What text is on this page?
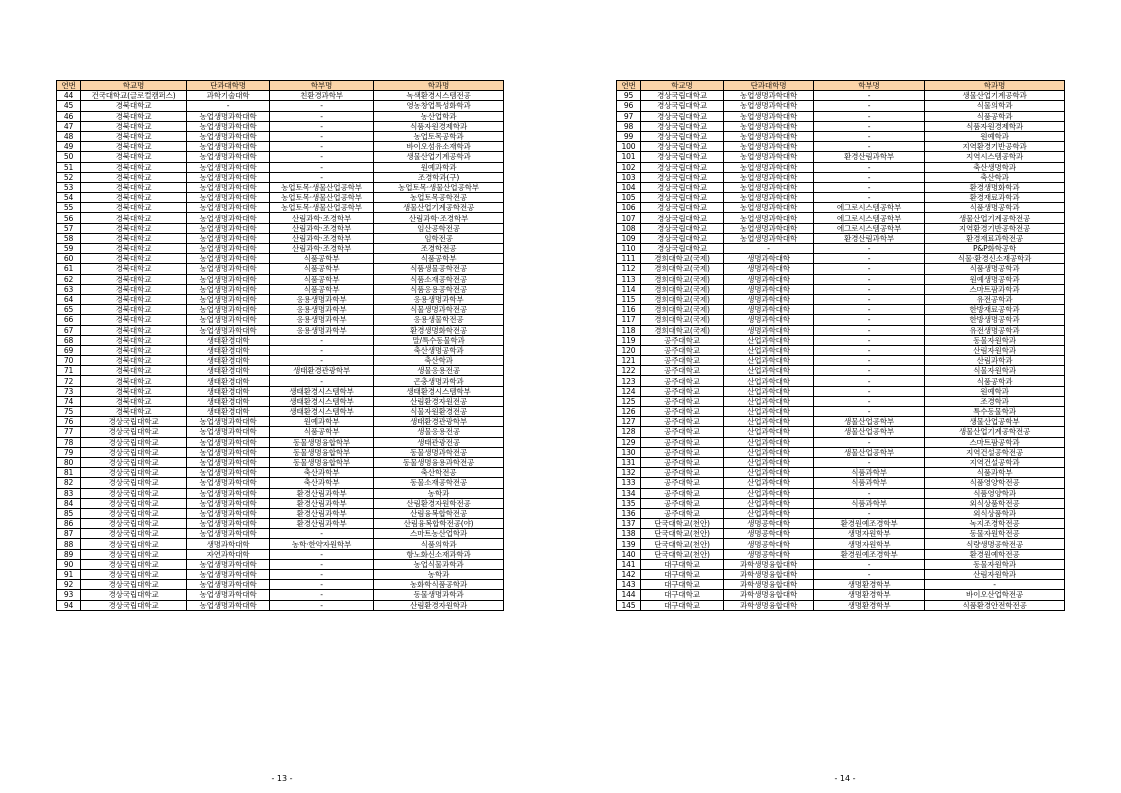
연번	학교명	단과대학명	학부명	학과명
44	건국대학교(글로컬캠퍼스)	과학기술대학	친환경과학부	녹색환경시스템전공
45	경북대학교	-	-	영농창업특성화학과
46	경북대학교	농업생명과학대학	-	농산업학과
47	경북대학교	농업생명과학대학	-	식품자원경제학과
48	경북대학교	농업생명과학대학	-	농업토목공학과
49	경북대학교	농업생명과학대학	-	바이오섬유소재학과
50	경북대학교	농업생명과학대학	-	생물산업기계공학과
51	경북대학교	농업생명과학대학	-	원예과학과
52	경북대학교	농업생명과학대학	-	조경학과(구)
53	경북대학교	농업생명과학대학	농업토목·생물산업공학부	농업토목·생물산업공학부
54	경북대학교	농업생명과학대학	농업토목·생물산업공학부	농업토목공학전공
55	경북대학교	농업생명과학대학	농업토목·생물산업공학부	생물산업기계공학전공
56	경북대학교	농업생명과학대학	산림과학·조경학부	산림과학·조경학부
57	경북대학교	농업생명과학대학	산림과학·조경학부	임산공학전공
58	경북대학교	농업생명과학대학	산림과학·조경학부	임학전공
59	경북대학교	농업생명과학대학	산림과학·조경학부	조경학전공
60	경북대학교	농업생명과학대학	식품공학부	식품공학부
61	경북대학교	농업생명과학대학	식품공학부	식품생물공학전공
62	경북대학교	농업생명과학대학	식품공학부	식품소재공학전공
63	경북대학교	농업생명과학대학	식품공학부	식품응용공학전공
64	경북대학교	농업생명과학대학	응용생명과학부	응용생명과학부
65	경북대학교	농업생명과학대학	응용생명과학부	식물생명과학전공
66	경북대학교	농업생명과학대학	응용생명과학부	응용생물학전공
67	경북대학교	농업생명과학대학	응용생명과학부	환경생명화학전공
68	경북대학교	생태환경대학	-	말/특수동물학과
69	경북대학교	생태환경대학	-	축산생명공학과
70	경북대학교	생태환경대학	-	축산학과
71	경북대학교	생태환경대학	생태환경관광학부	생물응용전공
72	경북대학교	생태환경대학	-	곤충생명과학과
73	경북대학교	생태환경대학	생태환경시스템학부	생태환경시스템학부
74	경북대학교	생태환경대학	생태환경시스템학부	산림환경자원전공
75	경북대학교	생태환경대학	생태환경시스템학부	식물자원환경전공
76	경상국립대학교	농업생명과학대학	원예과학부	생태환경관광학부
77	경상국립대학교	농업생명과학대학	식품공학부	생물응용전공
78	경상국립대학교	농업생명과학대학	동물생명융합학부	생태관광전공
79	경상국립대학교	농업생명과학대학	동물생명융합학부	동물생명과학전공
80	경상국립대학교	농업생명과학대학	동물생명융합학부	동물생명융용과학전공
81	경상국립대학교	농업생명과학대학	축산과학부	축산학전공
82	경상국립대학교	농업생명과학대학	축산과학부	동물소재공학전공
83	경상국립대학교	농업생명과학대학	환경산림과학부	농학과
84	경상국립대학교	농업생명과학대학	환경산림과학부	산림환경자원학전공
85	경상국립대학교	농업생명과학대학	환경산림과학부	산림융복합학전공
86	경상국립대학교	농업생명과학대학	환경산림과학부	산림융복합학전공(야)
87	경상국립대학교	농업생명과학대학	-	스마트농산업학과
88	경상국립대학교	생명과학대학	농학·한약자원학부	식품의학과
89	경상국립대학교	자연과학대학	-	항노화신소재과학과
90	경상국립대학교	농업생명과학대학	-	농업식물과학과
91	경상국립대학교	농업생명과학대학	-	농학과
92	경상국립대학교	농업생명과학대학	-	농화학식품공학과
93	경상국립대학교	농업생명과학대학	-	동물생명과학과
94	경상국립대학교	농업생명과학대학	-	산림환경자원학과
연번	학교명	단과대학명	학부명	학과명
95	경상국립대학교	농업생명과학대학	-	생물산업기계공학과
96	경상국립대학교	농업생명과학대학	-	식물의학과
97	경상국립대학교	농업생명과학대학	-	식품공학과
98	경상국립대학교	농업생명과학대학	-	식품자원경제학과
99	경상국립대학교	농업생명과학대학	-	원예학과
100	경상국립대학교	농업생명과학대학	-	지역환경기반공학과
101	경상국립대학교	농업생명과학대학	환경산림과학부	지역시스템공학과
102	경상국립대학교	농업생명과학대학	-	축산생명학과
103	경상국립대학교	농업생명과학대학	-	축산학과
104	경상국립대학교	농업생명과학대학	-	환경생명화학과
105	경상국립대학교	농업생명과학대학	-	환경재료과학과
106	경상국립대학교	농업생명과학대학	에그로시스템공학부	식품생명공학과
107	경상국립대학교	농업생명과학대학	에그로시스템공학부	생물산업기계공학전공
108	경상국립대학교	농업생명과학대학	에그로시스템공학부	지역환경기반공학전공
109	경상국립대학교	농업생명과학대학	환경산림과학부	환경재료과학전공
110	경상국립대학교	-	-	P&P화학공학
111	경희대학교(국제)	생명과학대학	-	식물·환경신소재공학과
112	경희대학교(국제)	생명과학대학	-	식품생명공학과
113	경희대학교(국제)	생명과학대학	-	원예생명공학과
114	경희대학교(국제)	생명과학대학	-	스마트팜과학과
115	경희대학교(국제)	생명과학대학	-	유전공학과
116	경희대학교(국제)	생명과학대학	-	한방재료공학과
117	경희대학교(국제)	생명과학대학	-	한방생명공학과
118	경희대학교(국제)	생명과학대학	-	유전생명공학과
119	공주대학교	산업과학대학	-	동물자원학과
120	공주대학교	산업과학대학	-	산림자원학과
121	공주대학교	산업과학대학	-	산림과학과
122	공주대학교	산업과학대학	-	식물자원학과
123	공주대학교	산업과학대학	-	식품공학과
124	공주대학교	산업과학대학	-	원예학과
125	공주대학교	산업과학대학	-	조경학과
126	공주대학교	산업과학대학	-	특수동물학과
127	공주대학교	산업과학대학	생물산업공학부	생물산업공학부
128	공주대학교	산업과학대학	생물산업공학부	생물산업기계공학전공
129	공주대학교	산업과학대학	-	스마트팜공학과
130	공주대학교	산업과학대학	생물산업공학부	지역건설공학전공
131	공주대학교	산업과학대학	-	지역건설공학과
132	공주대학교	산업과학대학	식품과학부	식품과학부
133	공주대학교	산업과학대학	식품과학부	식품영양학전공
134	공주대학교	산업과학대학	-	식품영양학과
135	공주대학교	산업과학대학	식품과학부	외식상품학전공
136	공주대학교	산업과학대학	-	외식상품학과
137	단국대학교(천안)	생명공학대학	환경원예조경학부	녹지조경학전공
138	단국대학교(천안)	생명공학대학	생명자원학부	동물자원학전공
139	단국대학교(천안)	생명공학대학	생명자원학부	식량생명공학전공
140	단국대학교(천안)	생명공학대학	환경원예조경학부	환경원예학전공
141	대구대학교	과학생명융합대학	-	동물자원학과
142	대구대학교	과학생명융합대학	-	산림자원학과
143	대구대학교	과학생명융합대학	생명환경학부	-
144	대구대학교	과학생명융합대학	생명환경학부	바이오산업학전공
145	대구대학교	과학생명융합대학	생명환경학부	식품환경안전학전공
- 13 -	- 14 -
